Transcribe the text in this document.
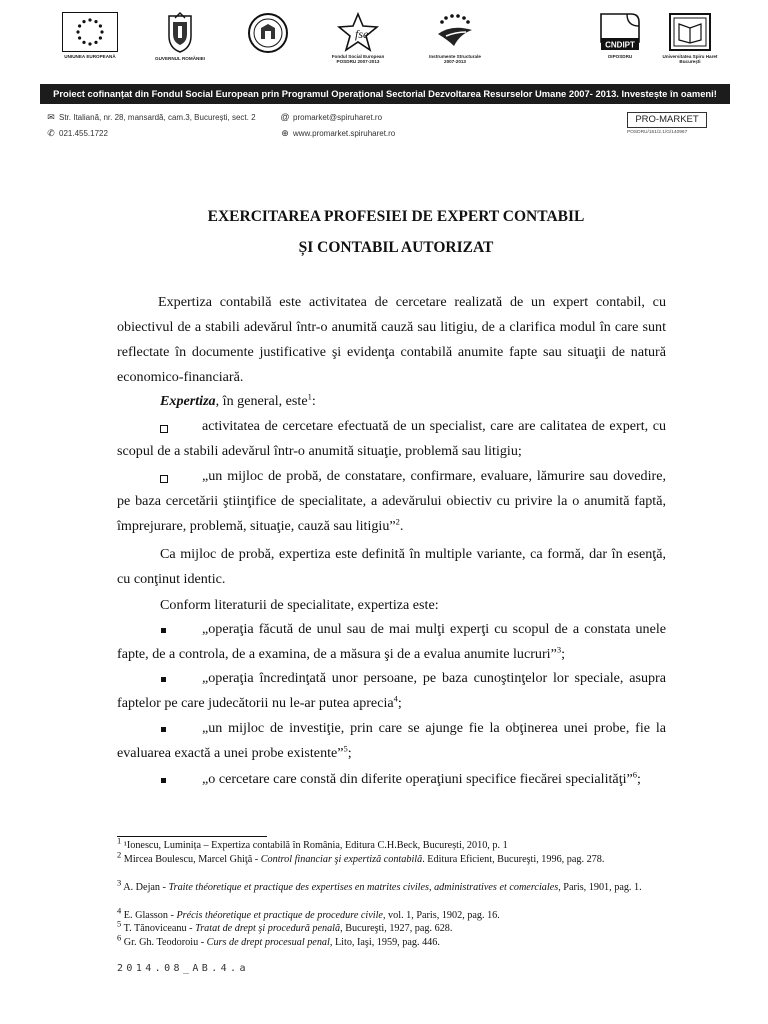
UNIUNEA EUROPEANĂ	GUVERNUL ROMÂNIEI
fse
Fondul Social European
POSDRU 2007-2013
Instrumente Structurale
2007-2013
CNDIPT
OIPOSDRU	Universitatea Spiru Haret
București
Proiect cofinanțat din Fondul Social European prin Programul Operațional Sectorial Dezvoltarea Resurselor Umane 2007- 2013. Investește în oameni!
✉ Str. Italiană, nr. 28, mansardă, cam.3, București, sect. 2	@ promarket@spiruharet.ro
✆ 021.455.1722	⊕ www.promarket.spiruharet.ro
PRO-MARKET
POSDRU/161/2.1/G/140967
EXERCITAREA PROFESIEI DE EXPERT CONTABIL
ȘI CONTABIL AUTORIZAT
Expertiza contabilă este activitatea de cercetare realizată de un expert contabil, cu obiectivul de a stabili adevărul într-o anumită cauză sau litigiu, de a clarifica modul în care sunt reflectate în documente justificative şi evidenţa contabilă anumite fapte sau situaţii de natură economico-financiară.
Expertiza, în general, este$^1$:
activitatea de cercetare efectuată de un specialist, care are calitatea de expert, cu
scopul de a stabili adevărul într-o anumită situaţie, problemă sau litigiu;
„un mijloc de probă, de constatare, confirmare, evaluare, lămurire sau dovedire,
pe baza cercetării ştiinţifice de specialitate, a adevărului obiectiv cu privire la o anumită faptă,
împrejurare, problemă, situaţie, cauză sau litigiu”$^2$.
Ca mijloc de probă, expertiza este definită în multiple variante, ca formă, dar în esenţă,
cu conţinut identic.
Conform literaturii de specialitate, expertiza este:
„operaţia făcută de unul sau de mai mulţi experţi cu scopul de a constata unele
fapte, de a controla, de a examina, de a măsura şi de a evalua anumite lucruri”$^3$;
„operaţia încredinţată unor persoane, pe baza cunoştinţelor lor speciale, asupra
faptelor pe care judecătorii nu le-ar putea aprecia$^4$;
„un mijloc de investiţie, prin care se ajunge fie la obţinerea unei probe, fie la
evaluarea exactă a unei probe existente”$^5$;
„o cercetare care constă din diferite operaţiuni specifice fiecărei specialităţi”$^6$;
$^1$ ¹Ionescu, Luminița – Expertiza contabilă în România, Editura C.H.Beck, București, 2010, p. 1
$^2$ Mircea Boulescu, Marcel Ghiţă - Control financiar şi expertiză contabilă. Editura Eficient, Bucureşti, 1996, pag. 278.
$^3$ A. Dejan - Traite théoretique et practique des expertises en matrites civiles, administratives et comerciales, Paris, 1901, pag. 1.
$^4$ E. Glasson - Précis théoretique et practique de procedure civile, vol. 1, Paris, 1902, pag. 16.
$^5$ T. Tănoviceanu - Tratat de drept şi procedură penală, Bucureşti, 1927, pag. 628.
$^6$ Gr. Gh. Teodoroiu - Curs de drept procesual penal, Lito, Iaşi, 1959, pag. 446.
2014.08_AB.4.a
